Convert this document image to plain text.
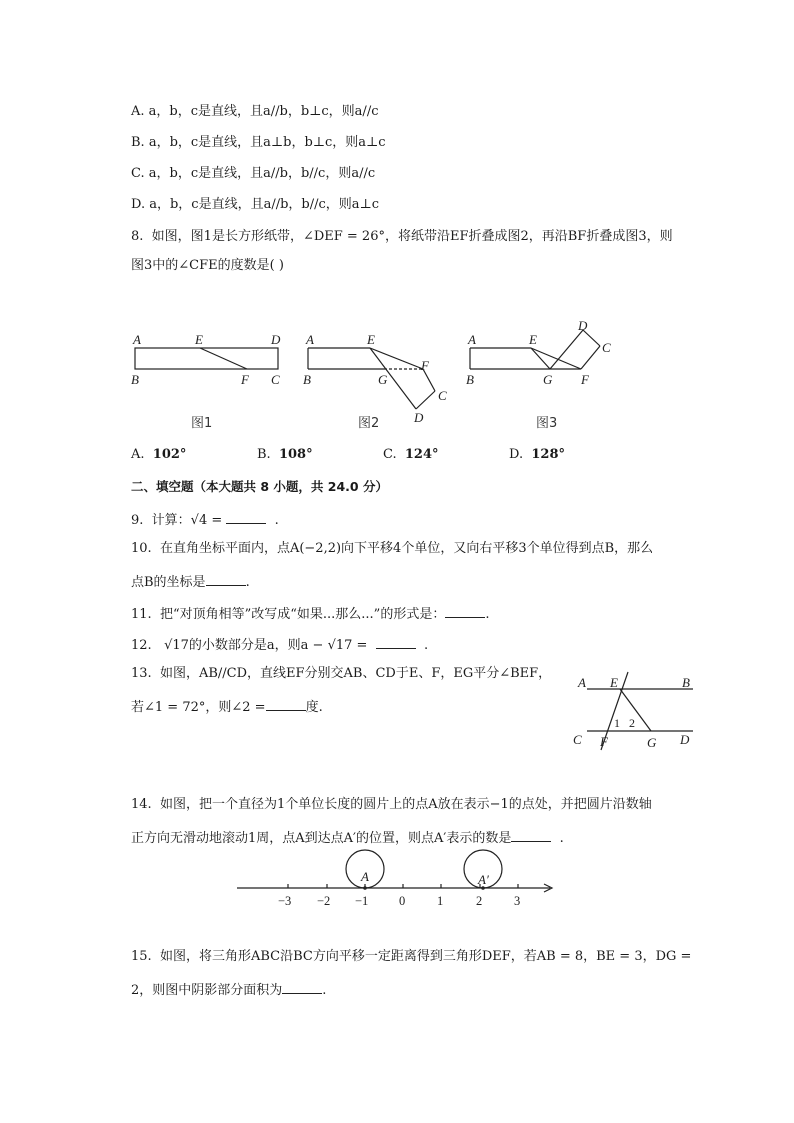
A. a，b，c是直线，且a//b，b⊥c，则a//c
B. a，b，c是直线，且a⊥b，b⊥c，则a⊥c
C. a，b，c是直线，且a//b，b//c，则a//c
D. a，b，c是直线，且a//b，b//c，则a⊥c
8. 如图，图1是长方形纸带，∠DEF = 26°，将纸带沿EF折叠成图2，再沿BF折叠成图3，则
图3中的∠CFE的度数是( )
A	E	D
B	F C
图1
A	E
F
B	G
C
D
图2
D
C
A	E
B	G F
图3
A. 102°	B. 108°	C. 124°	D. 128°
二、填空题（本大题共 8 小题，共 24.0 分）
9. 计算：√4 =	.
10. 在直角坐标平面内，点A(−2,2)向下平移4个单位，又向右平移3个单位得到点B，那么
点B的坐标是	.
11. 把“对顶角相等”改写成“如果...那么...”的形式是：	.
12. √17的小数部分是a，则a − √17 =	.
13. 如图，AB//CD，直线EF分别交AB、CD于E、F，EG平分∠BEF，
若∠1 = 72°，则∠2 =	度.
A E	B
C F	G D
1 2
14. 如图，把一个直径为1个单位长度的圆片上的点A放在表示−1的点处，并把圆片沿数轴
正方向无滑动地滚动1周，点A到达点A′的位置，则点A′表示的数是	.
−3 −2 −1 0	1	2	3
A	A′
15. 如图，将三角形ABC沿BC方向平移一定距离得到三角形DEF，若AB = 8，BE = 3，DG =
2，则图中阴影部分面积为	.
